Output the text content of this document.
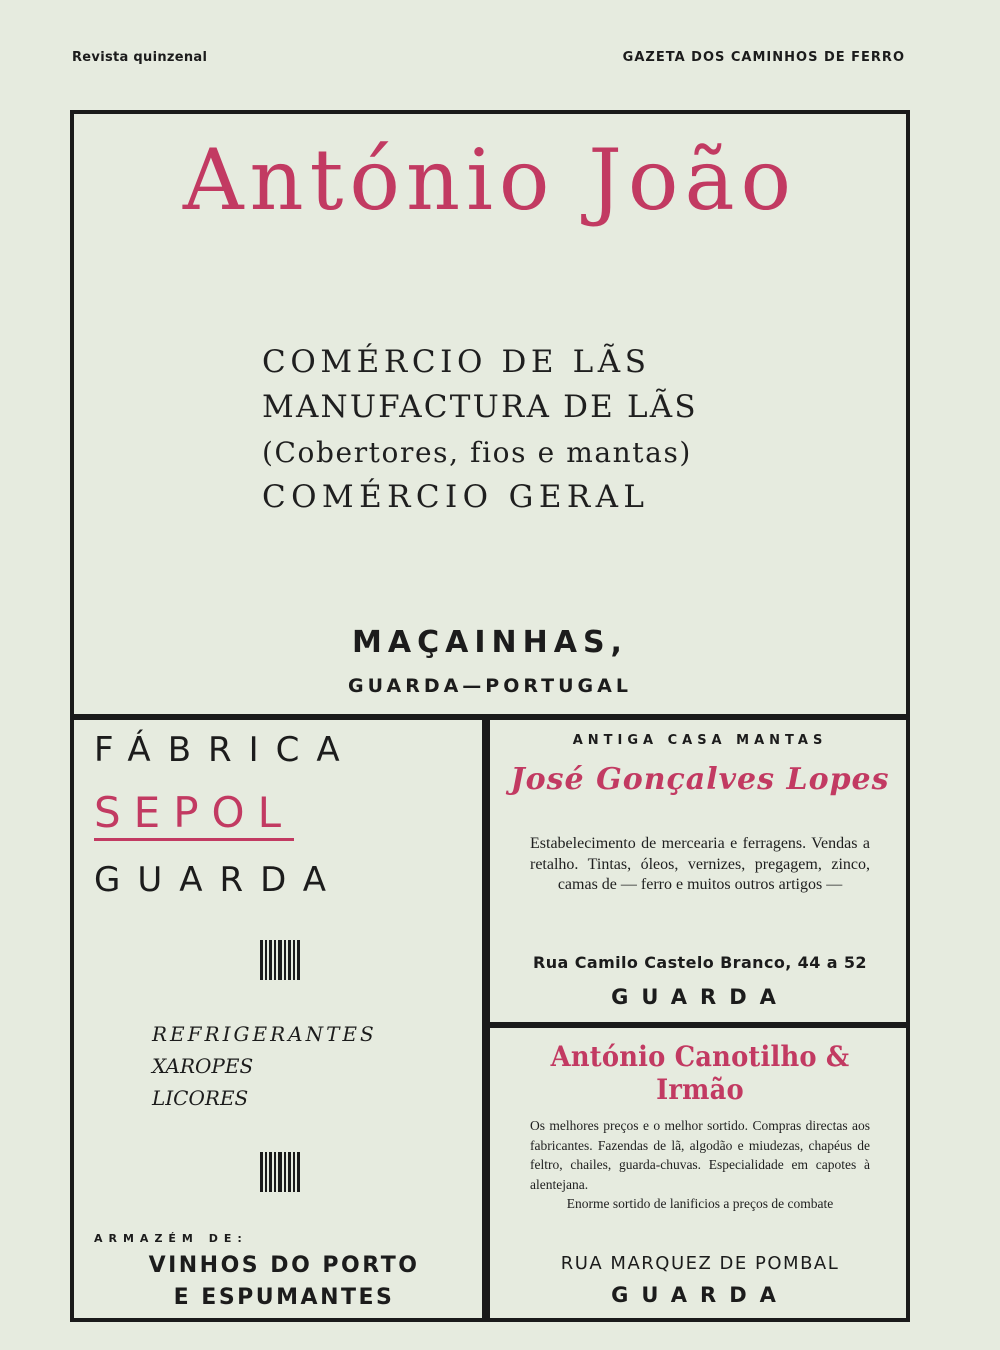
Revista quinzenal	GAZETA DOS CAMINHOS DE FERRO
António João
COMÉRCIO DE LÃS
MANUFACTURA DE LÃS
(Cobertores, fios e mantas)
COMÉRCIO GERAL
MAÇAINHAS,
GUARDA—PORTUGAL
FÁBRICA
SEPOL
GUARDA
REFRIGERANTES
XAROPES
LICORES
ARMAZÉM DE:
VINHOS DO PORTO
E ESPUMANTES
ANTIGA CASA MANTAS
José Gonçalves Lopes
Estabelecimento de mercearia e ferragens. Vendas a retalho. Tintas, óleos, vernizes, pregagem, zinco, camas de — ferro e muitos outros artigos —
Rua Camilo Castelo Branco, 44 a 52
GUARDA
António Canotilho & Irmão
Os melhores preços e o melhor sortido. Compras directas aos fabricantes. Fazendas de lã, algodão e miudezas, chapéus de feltro, chailes, guarda-chuvas. Especialidade em capotes à alentejana.
Enorme sortido de lanificios a preços de combate
RUA MARQUEZ DE POMBAL
GUARDA
